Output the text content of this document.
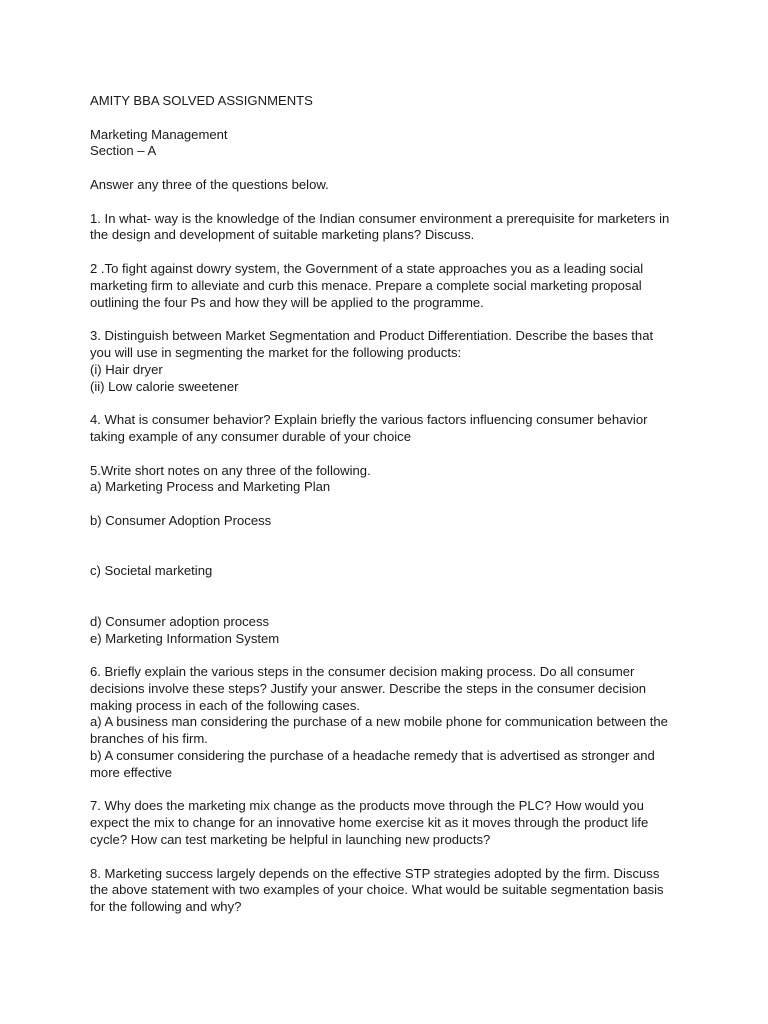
AMITY BBA SOLVED ASSIGNMENTS
Marketing Management
Section – A
Answer any three of the questions below.
1. In what- way is the knowledge of the Indian consumer environment a prerequisite for marketers in
the design and development of suitable marketing plans? Discuss.
2 .To fight against dowry system, the Government of a state approaches you as a leading social
marketing firm to alleviate and curb this menace. Prepare a complete social marketing proposal
outlining the four Ps and how they will be applied to the programme.
3. Distinguish between Market Segmentation and Product Differentiation. Describe the bases that
you will use in segmenting the market for the following products:
(i) Hair dryer
(ii) Low calorie sweetener
4. What is consumer behavior? Explain briefly the various factors influencing consumer behavior
taking example of any consumer durable of your choice
5.Write short notes on any three of the following.
a) Marketing Process and Marketing Plan
b) Consumer Adoption Process
c) Societal marketing
d) Consumer adoption process
e) Marketing Information System
6. Briefly explain the various steps in the consumer decision making process. Do all consumer
decisions involve these steps? Justify your answer. Describe the steps in the consumer decision
making process in each of the following cases.
a) A business man considering the purchase of a new mobile phone for communication between the
branches of his firm.
b) A consumer considering the purchase of a headache remedy that is advertised as stronger and
more effective
7. Why does the marketing mix change as the products move through the PLC? How would you
expect the mix to change for an innovative home exercise kit as it moves through the product life
cycle? How can test marketing be helpful in launching new products?
8. Marketing success largely depends on the effective STP strategies adopted by the firm. Discuss
the above statement with two examples of your choice. What would be suitable segmentation basis
for the following and why?
